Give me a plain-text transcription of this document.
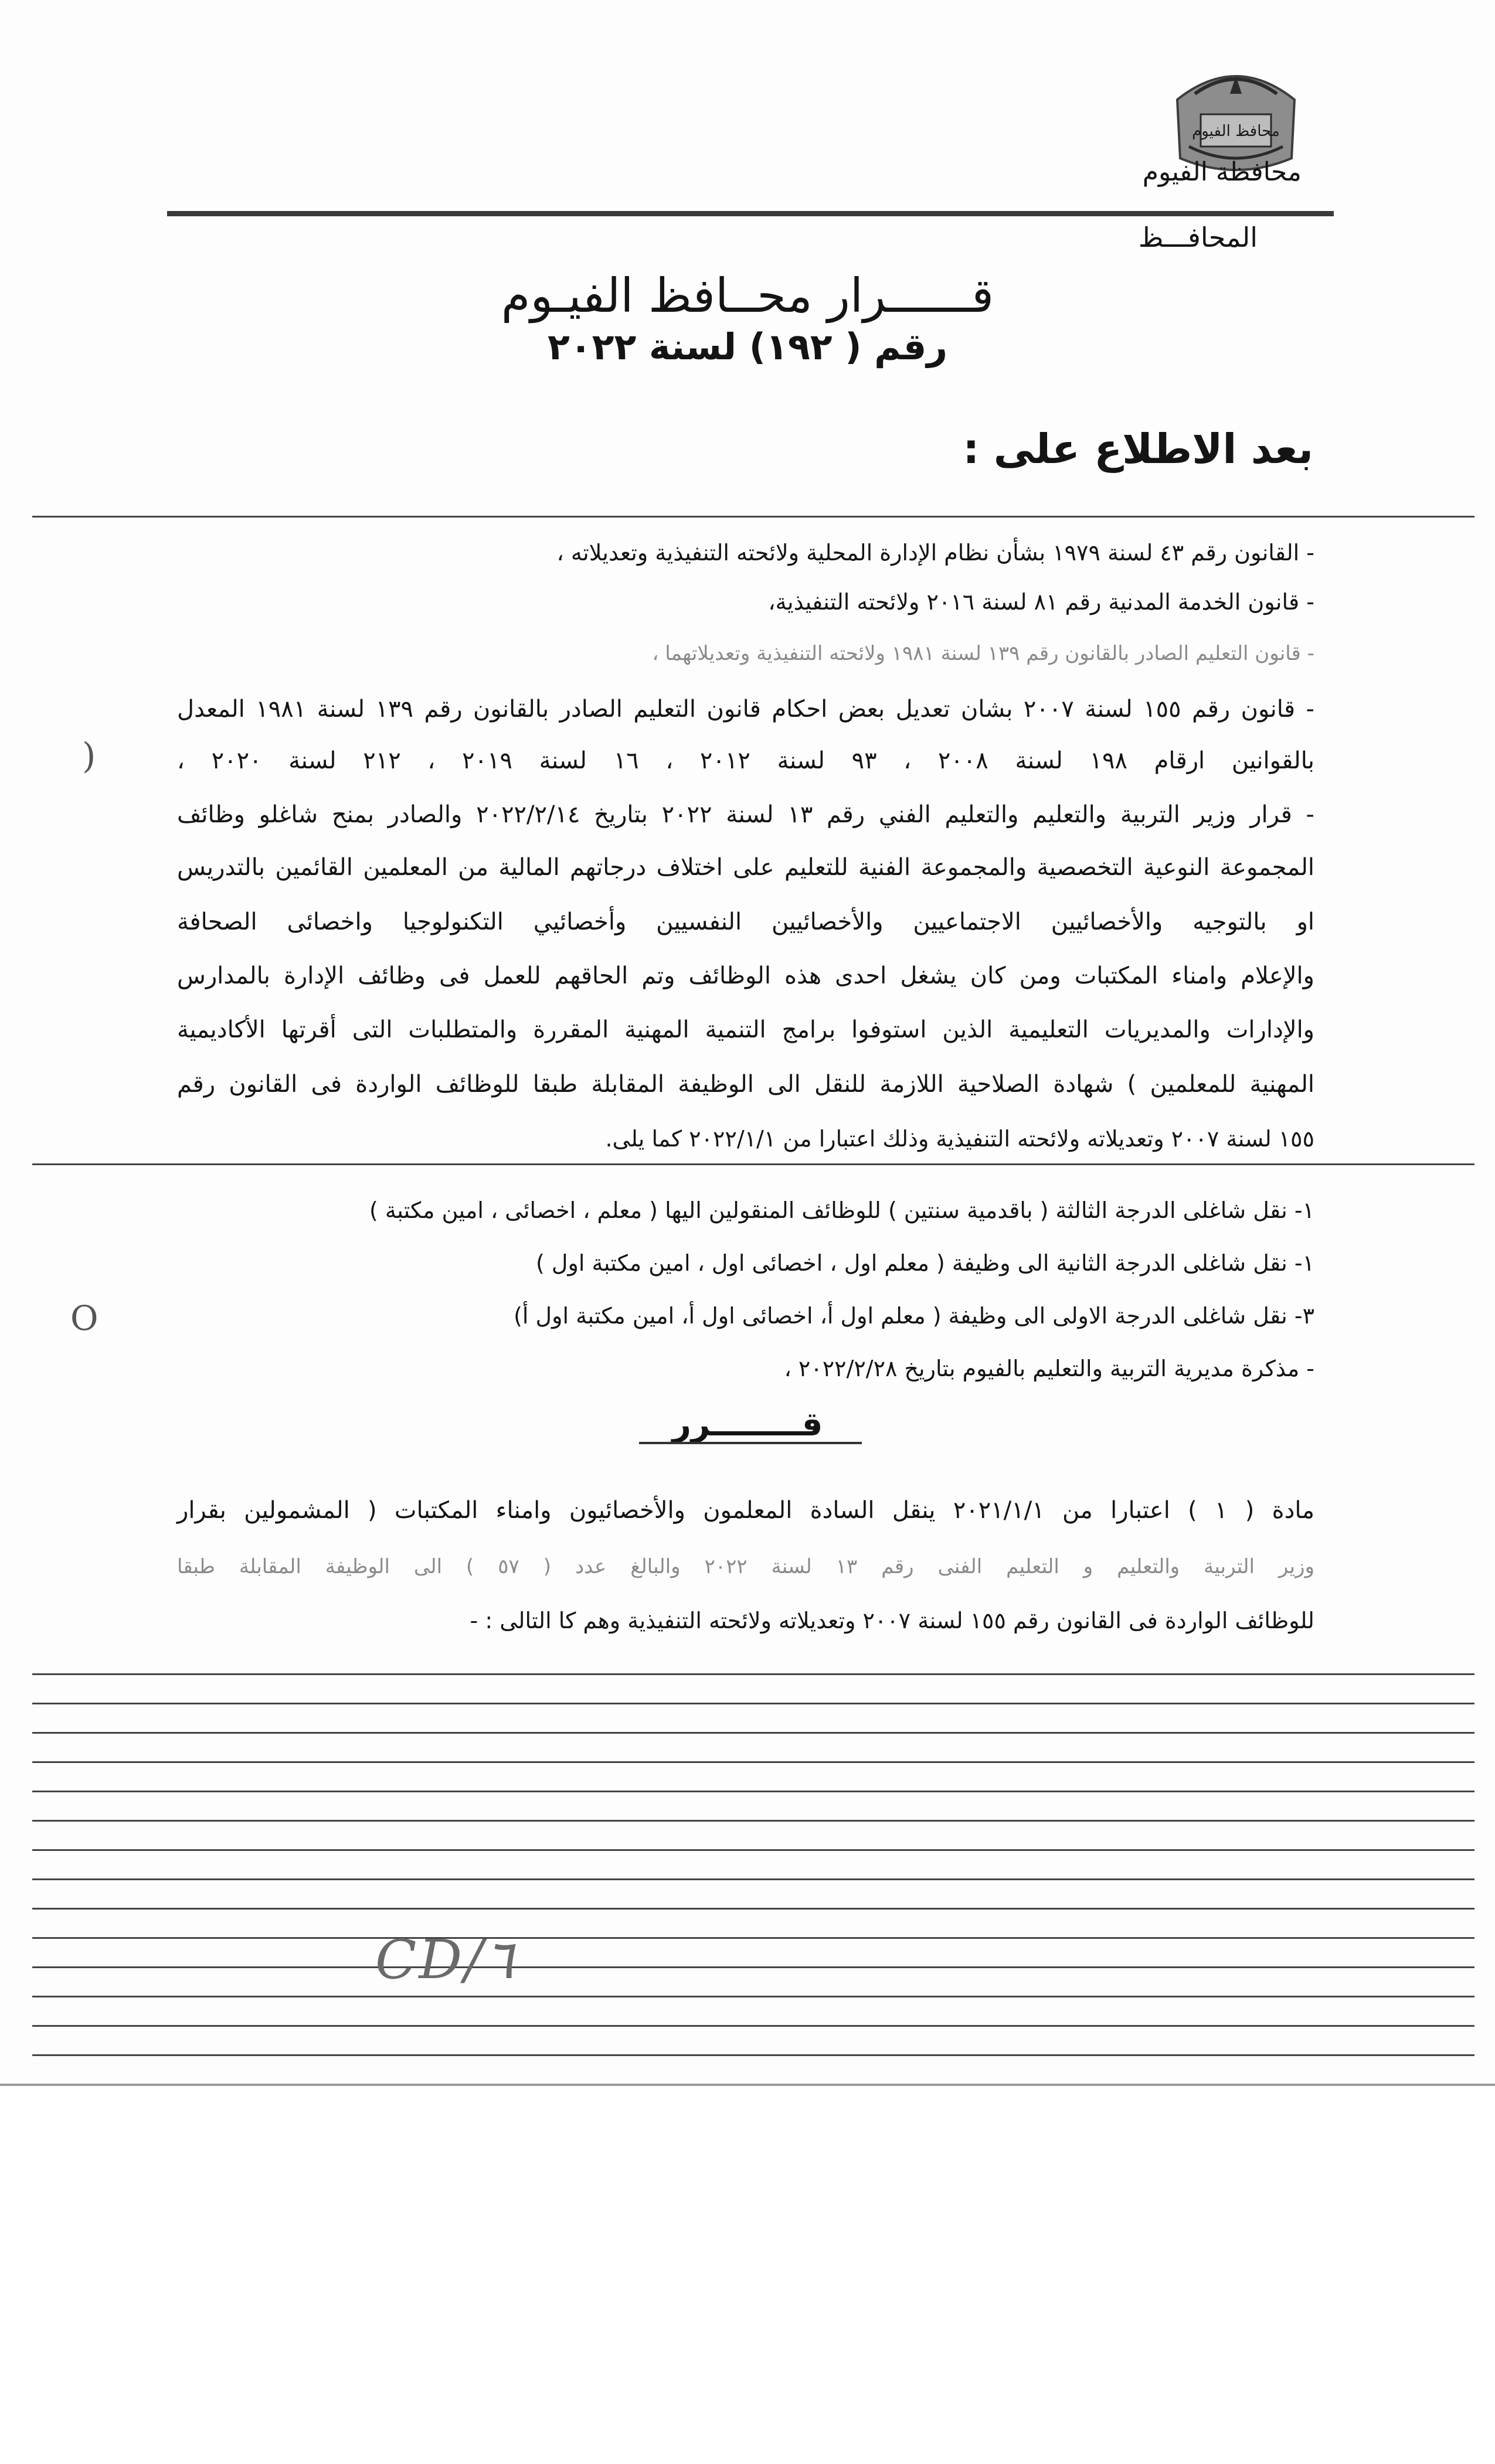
محافظ الفيوم
محافظة الفيوم
المحافـــظ
قــــــرار محــافظ الفيـوم
رقم ( ١٩٢) لسنة ٢٠٢٢
بعد الاطلاع على :
- القانون رقم ٤٣ لسنة ١٩٧٩ بشأن نظام الإدارة المحلية ولائحته التنفيذية وتعديلاته ،
- قانون الخدمة المدنية رقم ٨١ لسنة ٢٠١٦ ولائحته التنفيذية،
- قانون التعليم الصادر بالقانون رقم ١٣٩ لسنة ١٩٨١ ولائحته التنفيذية وتعديلاتهما ،
- قانون رقم ١٥٥ لسنة ٢٠٠٧ بشان تعديل بعض احكام قانون التعليم الصادر بالقانون رقم ١٣٩ لسنة ١٩٨١ المعدل
بالقوانين ارقام ١٩٨ لسنة ٢٠٠٨ ، ٩٣ لسنة ٢٠١٢ ، ١٦ لسنة ٢٠١٩ ، ٢١٢ لسنة ٢٠٢٠ ،
- قرار وزير التربية والتعليم والتعليم الفني رقم ١٣ لسنة ٢٠٢٢ بتاريخ ٢٠٢٢/٢/١٤ والصادر بمنح شاغلو وظائف
المجموعة النوعية التخصصية والمجموعة الفنية للتعليم على اختلاف درجاتهم المالية من المعلمين القائمين بالتدريس
او بالتوجيه والأخصائيين الاجتماعيين والأخصائيين النفسيين وأخصائيي التكنولوجيا واخصائى الصحافة
والإعلام وامناء المكتبات ومن كان يشغل احدى هذه الوظائف وتم الحاقهم للعمل فى وظائف الإدارة بالمدارس
والإدارات والمديريات التعليمية الذين استوفوا برامج التنمية المهنية المقررة والمتطلبات التى أقرتها الأكاديمية
المهنية للمعلمين ) شهادة الصلاحية اللازمة للنقل الى الوظيفة المقابلة طبقا للوظائف الواردة فى القانون رقم
١٥٥ لسنة ٢٠٠٧ وتعديلاته ولائحته التنفيذية وذلك اعتبارا من ٢٠٢٢/١/١ كما يلى.
١- نقل شاغلى الدرجة الثالثة ( باقدمية سنتين ) للوظائف المنقولين اليها ( معلم ، اخصائى ، امين مكتبة )
١- نقل شاغلى الدرجة الثانية الى وظيفة ( معلم اول ، اخصائى اول ، امين مكتبة اول )
٣- نقل شاغلى الدرجة الاولى الى وظيفة ( معلم اول أ، اخصائى اول أ، امين مكتبة اول أ)
- مذكرة مديرية التربية والتعليم بالفيوم بتاريخ ٢٠٢٢/٢/٢٨ ،
قــــــــرر
مادة ( ١ ) اعتبارا من ٢٠٢١/١/١ ينقل السادة المعلمون والأخصائيون وامناء المكتبات ( المشمولين بقرار
وزير التربية والتعليم و التعليم الفنى رقم ١٣ لسنة ٢٠٢٢ والبالغ عدد ( ٥٧ ) الى الوظيفة المقابلة طبقا
للوظائف الواردة فى القانون رقم ١٥٥ لسنة ٢٠٠٧ وتعديلاته ولائحته التنفيذية وهم كا التالى : -
)
O
CD/٦
